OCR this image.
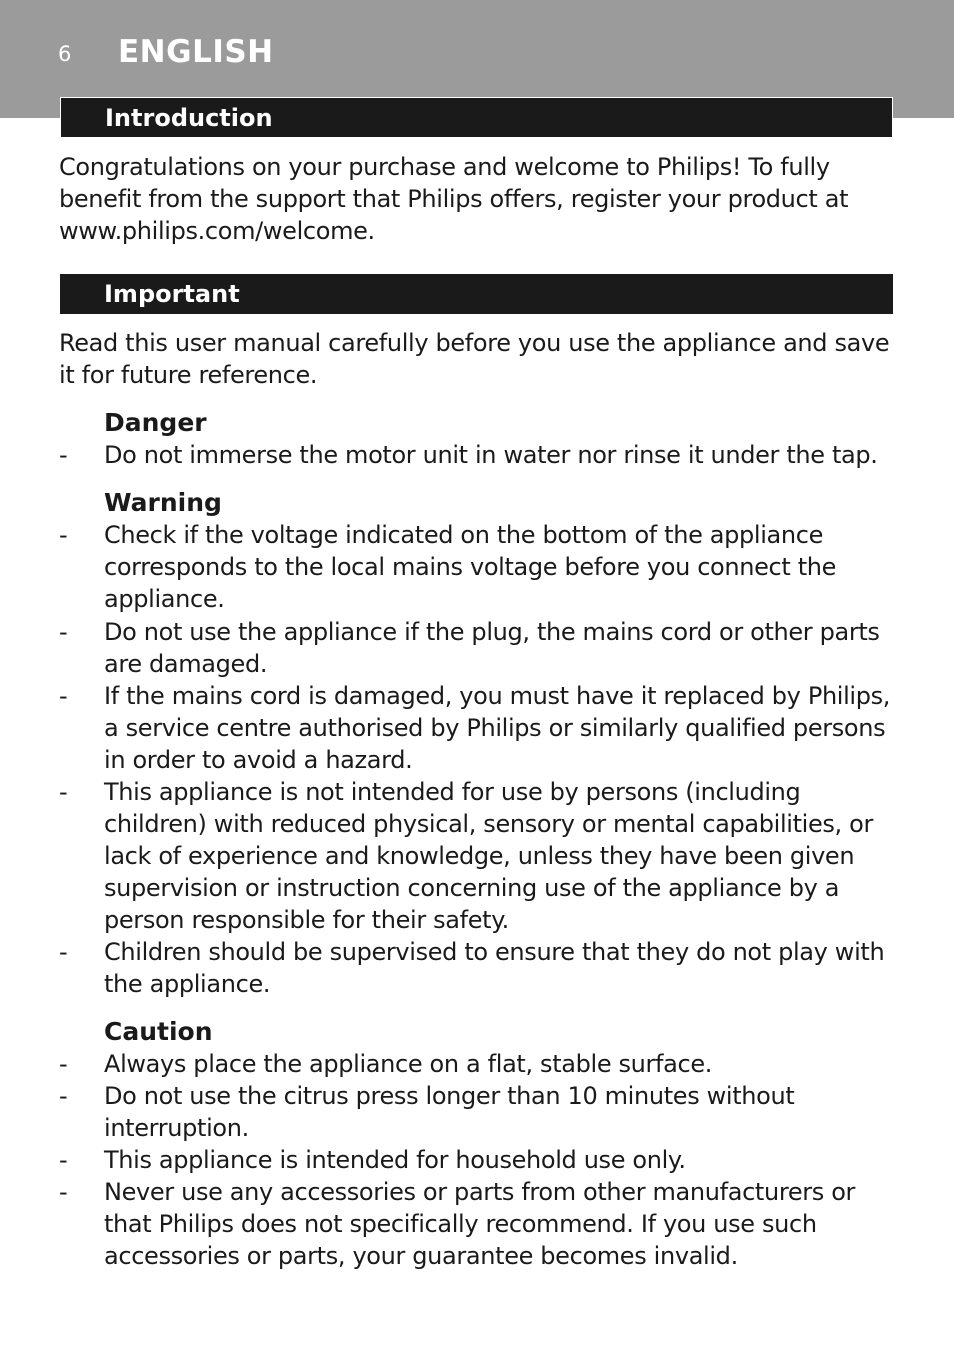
6 ENGLISH
Introduction
Congratulations on your purchase and welcome to Philips! To fully benefit from the support that Philips offers, register your product at www.philips.com/welcome.
Important
Read this user manual carefully before you use the appliance and save it for future reference.
Danger
- Do not immerse the motor unit in water nor rinse it under the tap.
Warning
- Check if the voltage indicated on the bottom of the appliance corresponds to the local mains voltage before you connect the appliance.
- Do not use the appliance if the plug, the mains cord or other parts are damaged.
- If the mains cord is damaged, you must have it replaced by Philips, a service centre authorised by Philips or similarly qualified persons in order to avoid a hazard.
- This appliance is not intended for use by persons (including children) with reduced physical, sensory or mental capabilities, or lack of experience and knowledge, unless they have been given supervision or instruction concerning use of the appliance by a person responsible for their safety.
- Children should be supervised to ensure that they do not play with the appliance.
Caution
- Always place the appliance on a flat, stable surface.
- Do not use the citrus press longer than 10 minutes without interruption.
- This appliance is intended for household use only.
- Never use any accessories or parts from other manufacturers or that Philips does not specifically recommend. If you use such accessories or parts, your guarantee becomes invalid.
